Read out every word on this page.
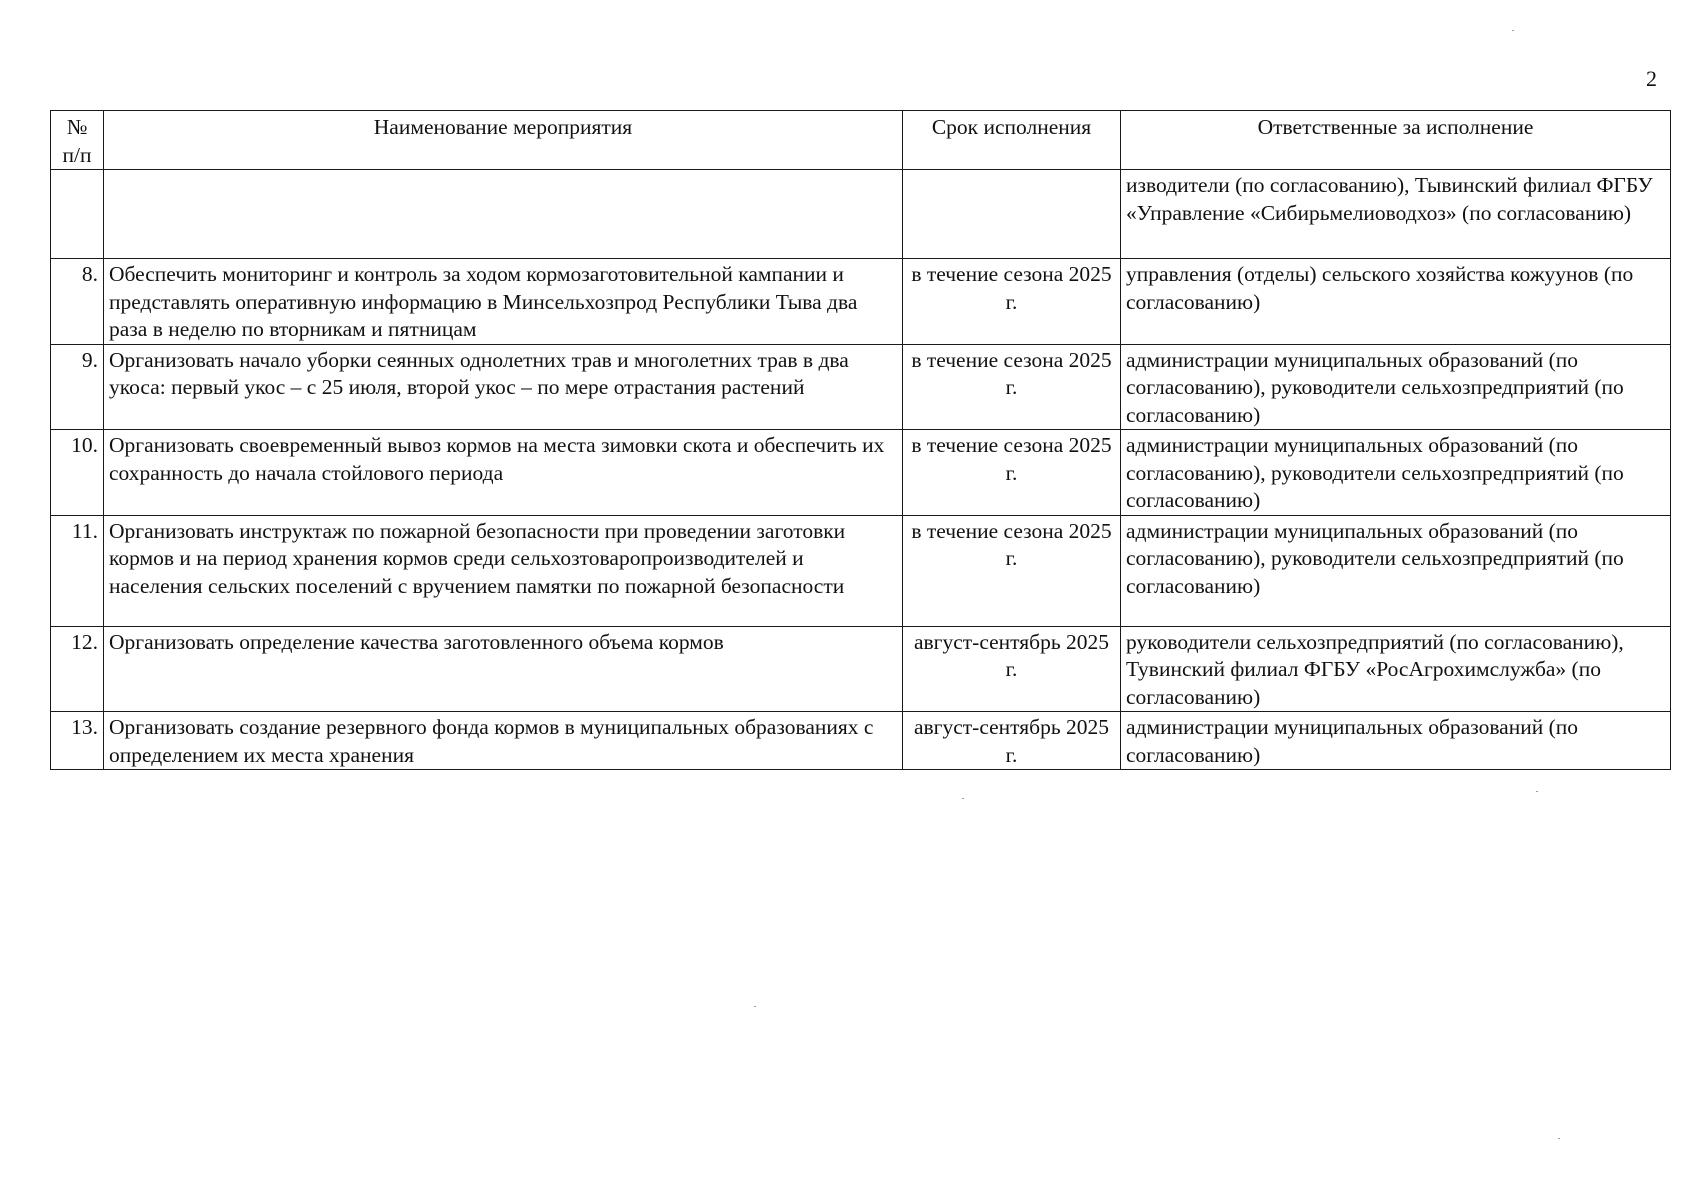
2
№
п/п	Наименование мероприятия	Срок исполнения	Ответственные за исполнение
			изводители (по согласованию), Тывинский филиал ФГБУ «Управление «Сибирьмелиоводхоз» (по согласованию)
8.	Обеспечить мониторинг и контроль за ходом кормозаготовительной кампании и представлять оперативную информацию в Минсельхозпрод Республики Тыва два раза в неделю по вторникам и пятницам	в течение сезона 2025 г.	управления (отделы) сельского хозяйства кожуунов (по согласованию)
9.	Организовать начало уборки сеянных однолетних трав и многолетних трав в два укоса: первый укос – с 25 июля, второй укос – по мере отрастания растений	в течение сезона 2025 г.	администрации муниципальных образований (по согласованию), руководители сельхозпредприятий (по согласованию)
10.	Организовать своевременный вывоз кормов на места зимовки скота и обеспечить их сохранность до начала стойлового периода	в течение сезона 2025 г.	администрации муниципальных образований (по согласованию), руководители сельхозпредприятий (по согласованию)
11.	Организовать инструктаж по пожарной безопасности при проведении заготовки кормов и на период хранения кормов среди сельхозтоваропроизводителей и населения сельских поселений с вручением памятки по пожарной безопасности	в течение сезона 2025 г.	администрации муниципальных образований (по согласованию), руководители сельхозпредприятий (по согласованию)
12.	Организовать определение качества заготовленного объема кормов	август-сентябрь 2025 г.	руководители сельхозпредприятий (по согласованию), Тувинский филиал ФГБУ «РосАгрохимслужба» (по согласованию)
13.	Организовать создание резервного фонда кормов в муниципальных образованиях с определением их места хранения	август-сентябрь 2025 г.	администрации муниципальных образований (по согласованию)
